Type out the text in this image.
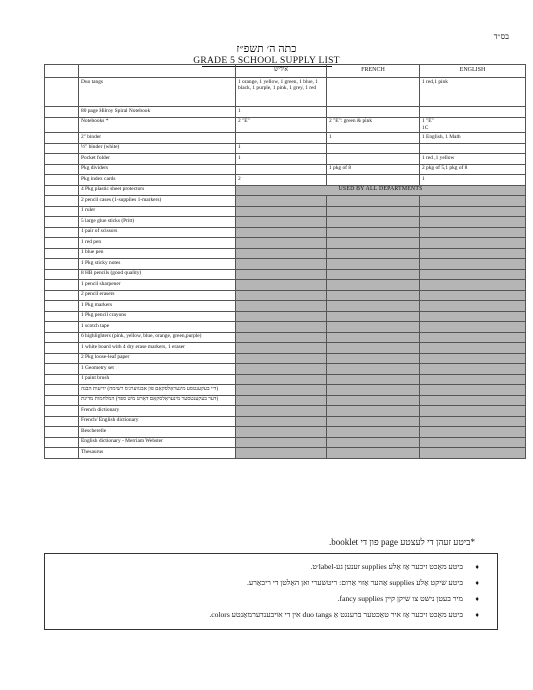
בס״ד
כתה ה׳ תשפ״ז
GRADE 5 SCHOOL SUPPLY LIST
		אידיש	FRENCH	ENGLISH
	Duo tangs	1 orange, 1 yellow, 1 green, 1 blue, 1 black, 1 purple, 1 pink, 1 grey, 1 red		1 red,1 pink
	80 page Hilroy Spiral Notebook	1		
	Notebooks *	2 "E"	2 "E": green & pink	1 "E"
1C
	2" binder		1	1 English, 1 Math
	½" binder (white)	1		
	Pocket folder	1		1 red ,1 yellow
	Pkg dividers		1 pkg of 8	2 pkg of 5,1 pkg of 8
	Pkg index cards	2		1
	4 Pkg plastic sheet protectors	USED BY ALL DEPARTMENTS		
	2 pencil cases (1-supplies 1-markers)			
	1 ruler			
	5 large glue sticks (Pritt)			
	1 pair of scissors			
	1 red pen			
	1 blue pen			
	1 Pkg sticky notes			
	8 HB pencils (good quality)			
	1 pencil sharpener			
	2 pencil erasers			
	1 Pkg markers			
	1 Pkg pencil crayons			
	1 scotch tape			
	6 highlighters (pink, yellow, blue, orange, green,purple)			
	1 white board with 4 dry erase markers, 1 eraser			
	2 Pkg loose-leaf paper			
	1 Geometry set			
	1 paint brush			
	(דיי בעקענטסע מינעראַלסקאַם פון אבגווערג׳ס רשימה) ידיעות הבנה			
	(דער בעקענטסער מינעראַלסקאַם דאַרט מיט ספר) המלחמות מדינת			
	French dictionary			
	French/ English dictionary			
	Bescherelle			
	English dictionary - Merriam Webster			
	Thesaurus			
*ביטע זעהן די לעצטע page פון די booklet.
♦
ביטע מאַכט זיכער אַז אַלע supplies זענען גע-label׳ט.
♦
ביטע שיקט אַלע supplies אַהער אַזוי אַרום: ריטשערי ואן האַלטן די ריבאַרע.
♦
מיר בעטן נישט צו שיקן קיין fancy supplies.
♦
ביטע מאַכט זיכער אַז איר טאַכטער ברענגט אַ duo tangs אין די אויבענדערמאַנטע colors.
